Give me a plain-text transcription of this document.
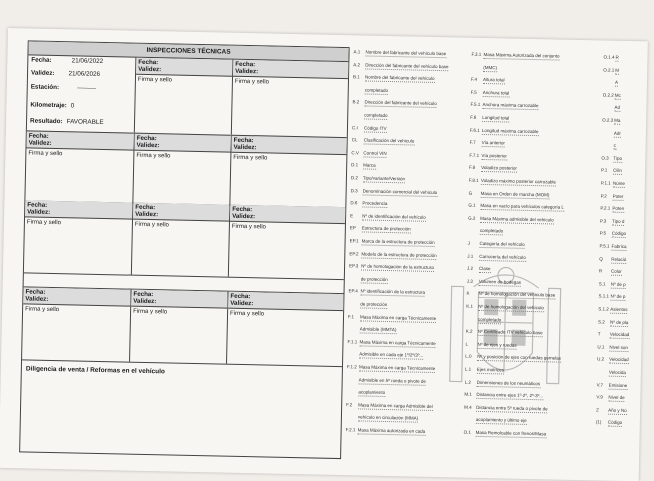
INSPECCIONES TÉCNICAS
Fecha:	21/06/2022
Validez: 21/06/2026
Estación:	———
Kilometraje: 0
Resultado: FAVORABLE
Fecha:
Validez:
Firma y sello
Fecha:
Validez:
Firma y sello
Fecha:
Validez:
Firma y sello
Fecha:
Validez:
Firma y sello
Fecha:
Validez:
Firma y sello
Fecha:
Validez:
Firma y sello
Fecha:
Validez:
Firma y sello
Fecha:
Validez:
Firma y sello
Fecha:
Validez:
Firma y sello
Fecha:
Validez:
Firma y sello
Fecha:
Validez:
Firma y sello
Diligencia de venta / Reformas en el vehículo
A.1 Nombre del fabricante del vehículo base
A.2 Dirección del fabricante del vehículo base
B.1 Nombre del fabricante del vehículo
completado
B.2 Dirección del fabricante del vehículo
completado
C.I Código ITV
CL Clasificación del vehículo
C.V Control VIN
D.1 Marca
D.2 Tipo/variante/Versión
D.3 Denominación comercial del vehículo
D.6 Procedencia
E Nº de identificación del vehículo
EP Estructura de protección
EP.1 Marca de la estructura de protección
EP.2 Modelo de la estructura de protección
EP.3 Nº de homologación de la estructura
de protección
EP.4 Nº identificación de la estructura
de protección
F.1 Masa Máxima en carga Técnicamente
Admisible (MMTA)
F.1.1 Masa Máxima en carga Técnicamente
Admisible en cada eje 1º/2º/3º...
F.1.2 Masa Máxima en carga Técnicamente
Admisible en 5ª rueda o pivote de
acoplamiento
F.2 Masa Máxima en carga Admisible del
vehículo en circulación (MMA)
F.2.1 Masa Máxima autorizada en cada
F.3.1 Masa Máxima Autorizada del conjunto
(MMC)
F.4 Altura total
F.5 Anchura total
F.5.1 Anchura máxima carrozable
F.6 Longitud total
F.6.1 Longitud máxima carrozable
F.7 Vía anterior
F.7.1 Vía posterior
F.8 Voladizo posterior
F.8.1 Voladizo máximo posterior carrozable
G Masa en Orden de marcha (MOM)
G.1 Masa en vacío para vehículos categoría L
G.2 Masa Máxima admisible del vehículo
completado
J Categoría del vehículo
J.1 Carrocería del vehículo
J.2 Clase
J.3 Volumen de bodegas
K Nº de homologación del vehículo base
K.1 Nº de homologación del vehículo
completado
K.2 Nº Certificado ITV vehículo base
L Nº de ejes y ruedas
L.0 Nº y posición de ejes con ruedas gemelas
L.1 Ejes motrices
L.2 Dimensiones de los neumáticos
M.1 Distancia entre ejes 1º-2º, 2º-3º...
M.4 Distancia entre 5ª rueda o pivote de
acoplamiento y último eje
O.1 Masa Remolcable con frenos/Masa
O.1.4R
O.2.1M
A
O.2.2Mc
Ad
O.2.3Ma
Adr
c
O.3 Tipo
P.1 Cilin
P.1.1 Núme
P.2 Poter
P.2.1 Poten
P.3 Tipo d
P.5 Código
P.5.1 Fabrica
Q Relació
R Color
S.1 Nº de p
S.1.1Nº de p
S.1.2Asientos
S.2 Nº de pla
T Velocidad
U.1 Nivel son
U.2 Velocidad
Velocida
V.7 Emisione
V.9 Nivel de
Z Año y Nú
(1) Código
